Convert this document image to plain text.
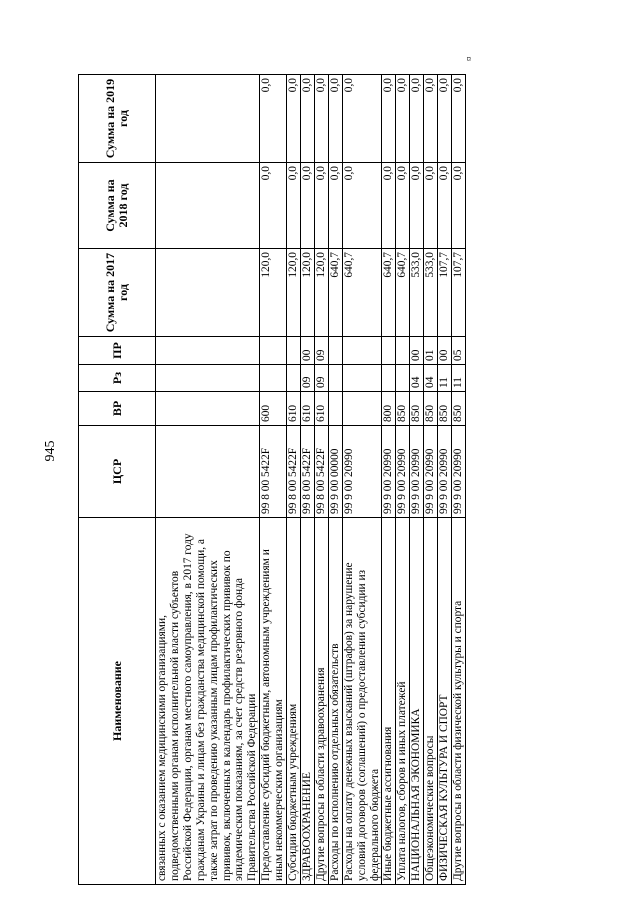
945
¤
Наименование	ЦСР	ВР	Рз	ПР	Сумма на 2017 год	Сумма на 2018 год	Сумма на 2019 год
связанных с оказанием медицинскими организациями, подведомственными органам исполнительной власти субъектов Российской Федерации, органам местного самоуправления, в 2017 году гражданам Украины и лицам без гражданства медицинской помощи, а также затрат по проведению указанным лицам профилактических прививок, включенных в календарь профилактических прививок по эпидемическим показаниям, за счет средств резервного фонда Правительства Российской Федерации							
Предоставление субсидий бюджетным, автономным учреждениям и иным некоммерческим организациям	99 8 00 5422F	600			120,0	0,0	0,0
Субсидии бюджетным учреждениям	99 8 00 5422F	610			120,0	0,0	0,0
ЗДРАВООХРАНЕНИЕ	99 8 00 5422F	610	09	00	120,0	0,0	0,0
Другие вопросы в области здравоохранения	99 8 00 5422F	610	09	09	120,0	0,0	0,0
Расходы по исполнению отдельных обязательств	99 9 00 00000				640,7	0,0	0,0
Расходы на оплату денежных взысканий (штрафов) за нарушение условий договоров (соглашений) о предоставлении субсидии из федерального бюджета	99 9 00 20990				640,7	0,0	0,0
Иные бюджетные ассигнования	99 9 00 20990	800			640,7	0,0	0,0
Уплата налогов, сборов и иных платежей	99 9 00 20990	850			640,7	0,0	0,0
НАЦИОНАЛЬНАЯ ЭКОНОМИКА	99 9 00 20990	850	04	00	533,0	0,0	0,0
Общеэкономические вопросы	99 9 00 20990	850	04	01	533,0	0,0	0,0
ФИЗИЧЕСКАЯ КУЛЬТУРА И СПОРТ	99 9 00 20990	850	11	00	107,7	0,0	0,0
Другие вопросы в области физической культуры и спорта	99 9 00 20990	850	11	05	107,7	0,0	0,0
